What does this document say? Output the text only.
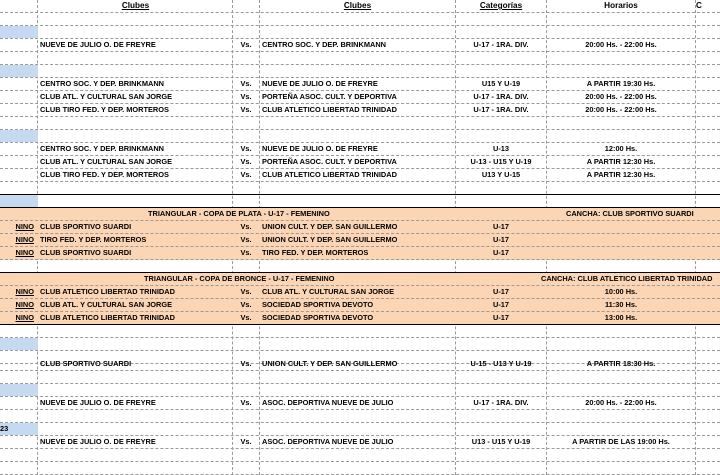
Clubes	Clubes	Categorías	Horarios	C
NUEVE DE JULIO O. DE FREYRE	Vs.	CENTRO SOC. Y DEP. BRINKMANN	U-17 - 1RA. DIV.	20:00 Hs. - 22:00 Hs.
CENTRO SOC. Y DEP. BRINKMANN	Vs.	NUEVE DE JULIO O. DE FREYRE	U15 Y U-19	A PARTIR 19:30 Hs.
CLUB ATL. Y CULTURAL SAN JORGE	Vs.	PORTEÑA ASOC. CULT. Y DEPORTIVA	U-17 - 1RA. DIV.	20:00 Hs. - 22:00 Hs.
CLUB TIRO FED. Y DEP. MORTEROS	Vs.	CLUB ATLETICO LIBERTAD TRINIDAD	U-17 - 1RA. DIV.	20:00 Hs. - 22:00 Hs.
CENTRO SOC. Y DEP. BRINKMANN	Vs.	NUEVE DE JULIO O. DE FREYRE	U-13	12:00 Hs.
CLUB ATL. Y CULTURAL SAN JORGE	Vs.	PORTEÑA ASOC. CULT. Y DEPORTIVA	U-13 - U15 Y U-19	A PARTIR 12:30 Hs.
CLUB TIRO FED. Y DEP. MORTEROS	Vs.	CLUB ATLETICO LIBERTAD TRINIDAD	U13 Y U-15	A PARTIR 12:30 Hs.
TRIANGULAR - COPA DE PLATA - U-17 - FEMENINO	CANCHA: CLUB SPORTIVO SUARDI
NINO CLUB SPORTIVO SUARDI	Vs.	UNION CULT. Y DEP. SAN GUILLERMO	U-17
NINO TIRO FED. Y DEP. MORTEROS	Vs.	UNION CULT. Y DEP. SAN GUILLERMO	U-17
NINO CLUB SPORTIVO SUARDI	Vs.	TIRO FED. Y DEP. MORTEROS	U-17
TRIANGULAR - COPA DE BRONCE - U-17 - FEMENINO	CANCHA: CLUB ATLETICO LIBERTAD TRINIDAD
NINO CLUB ATLETICO LIBERTAD TRINIDAD	Vs.	CLUB ATL. Y CULTURAL SAN JORGE	U-17	10:00 Hs.
NINO CLUB ATL. Y CULTURAL SAN JORGE	Vs.	SOCIEDAD SPORTIVA DEVOTO	U-17	11:30 Hs.
NINO CLUB ATLETICO LIBERTAD TRINIDAD	Vs.	SOCIEDAD SPORTIVA DEVOTO	U-17	13:00 Hs.
CLUB SPORTIVO SUARDI	Vs.	UNION CULT. Y DEP. SAN GUILLERMO	U-15 - U13 Y U-19	A PARTIR 18:30 Hs.
NUEVE DE JULIO O. DE FREYRE	Vs.	ASOC. DEPORTIVA NUEVE DE JULIO	U-17 - 1RA. DIV.	20:00 Hs. - 22:00 Hs.
23
NUEVE DE JULIO O. DE FREYRE	Vs.	ASOC. DEPORTIVA NUEVE DE JULIO	U13 - U15 Y U-19	A PARTIR DE LAS 19:00 Hs.
